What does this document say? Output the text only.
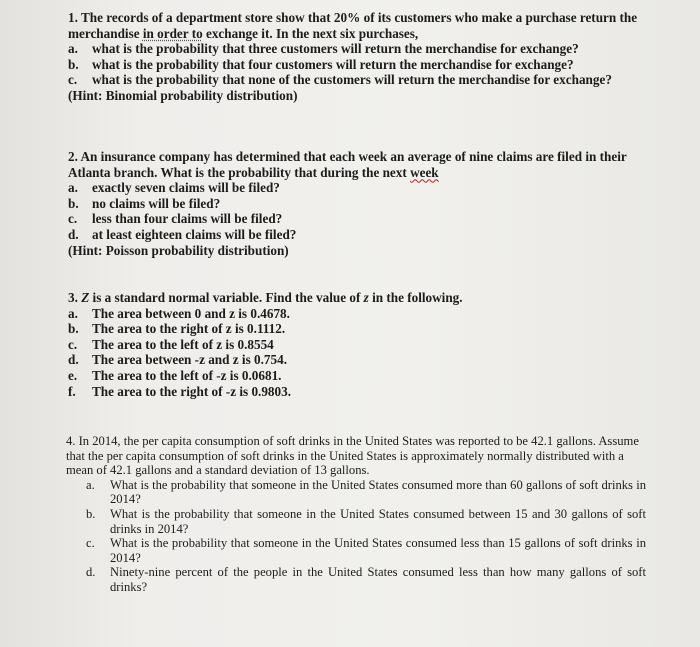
1. The records of a department store show that 20% of its customers who make a purchase return the merchandise in order to exchange it. In the next six purchases,

a.	what is the probability that three customers will return the merchandise for exchange?
b.	what is the probability that four customers will return the merchandise for exchange?
c.	what is the probability that none of the customers will return the merchandise for exchange?

(Hint: Binomial probability distribution)

2. An insurance company has determined that each week an average of nine claims are filed in their Atlanta branch. What is the probability that during the next week

a.	exactly seven claims will be filed?
b.	no claims will be filed?
c.	less than four claims will be filed?
d.	at least eighteen claims will be filed?

(Hint: Poisson probability distribution)

3. Z is a standard normal variable. Find the value of z in the following.

a.	The area between 0 and z is 0.4678.
b.	The area to the right of z is 0.1112.
c.	The area to the left of z is 0.8554
d.	The area between -z and z is 0.754.
e.	The area to the left of -z is 0.0681.
f.	The area to the right of -z is 0.9803.

4. In 2014, the per capita consumption of soft drinks in the United States was reported to be 42.1 gallons. Assume that the per capita consumption of soft drinks in the United States is approximately normally distributed with a mean of 42.1 gallons and a standard deviation of 13 gallons.

a.	What is the probability that someone in the United States consumed more than 60 gallons of soft drinks in 2014?
b.	What is the probability that someone in the United States consumed between 15 and 30 gallons of soft drinks in 2014?
c.	What is the probability that someone in the United States consumed less than 15 gallons of soft drinks in 2014?
d.	Ninety-nine percent of the people in the United States consumed less than how many gallons of soft drinks?
